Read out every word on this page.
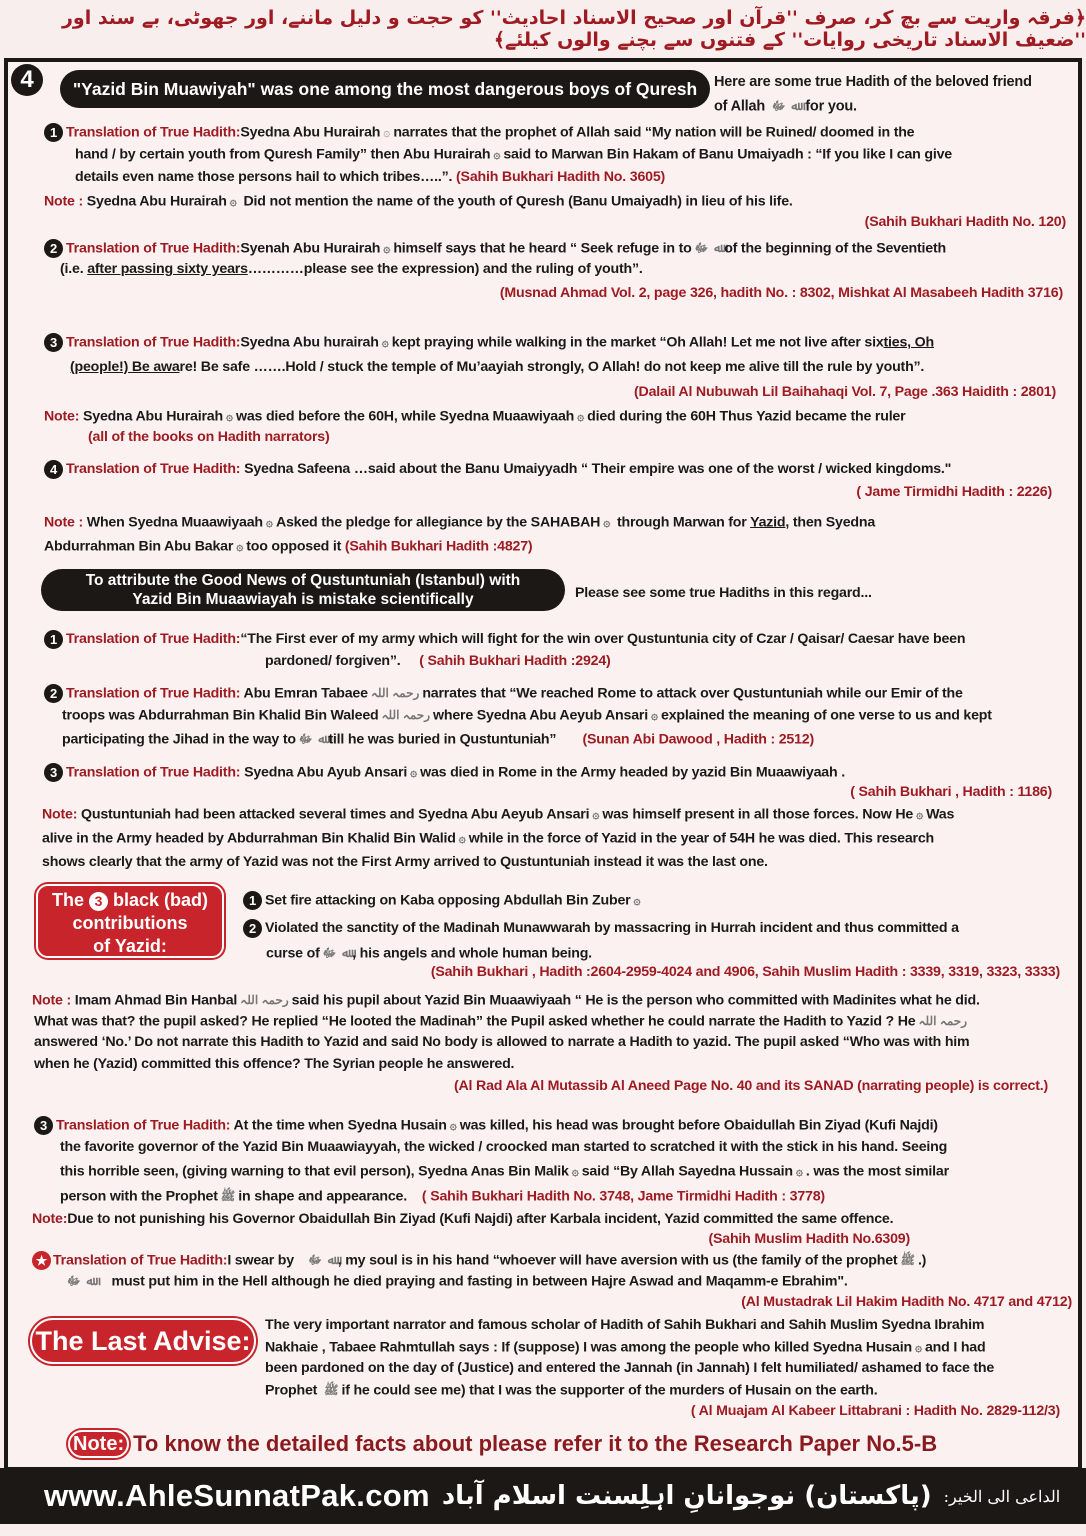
﴿فرقہ واریت سے بچ کر، صرف ''قرآن اور صحیح الاسناد احادیث'' کو حجت و دلیل ماننے، اور جھوٹی، بے سند اور ''ضعیف الاسناد تاریخی روایات'' کے فتنوں سے بچنے والوں کیلئے﴾
4	"Yazid Bin Muawiyah" was one among the most dangerous boys of Quresh	Here are some true Hadith of the beloved friend
of Allah ﷻ ﷲ for you.
1 Translation of True Hadith:Syedna Abu Hurairah ۞ narrates that the prophet of Allah said “My nation will be Ruined/ doomed in the
hand / by certain youth from Quresh Family” then Abu Hurairah ۞ said to Marwan Bin Hakam of Banu Umaiyadh : “If you like I can give
details even name those persons hail to which tribes…..”. (Sahih Bukhari Hadith No. 3605)
Note : Syedna Abu Hurairah ۞ Did not mention the name of the youth of Quresh (Banu Umaiyadh) in lieu of his life.
(Sahih Bukhari Hadith No. 120)
2 Translation of True Hadith:Syenah Abu Hurairah ۞ himself says that he heard “ Seek refuge in to ﷻ ﷲ of the beginning of the Seventieth
(i.e. after passing sixty years…………please see the expression) and the ruling of youth”.
(Musnad Ahmad Vol. 2, page 326, hadith No. : 8302, Mishkat Al Masabeeh Hadith 3716)
3 Translation of True Hadith:Syedna Abu hurairah ۞ kept praying while walking in the market “Oh Allah! Let me not live after sixties, Oh
(people!) Be aware! Be safe …….Hold / stuck the temple of Mu’aayiah strongly, O Allah! do not keep me alive till the rule by youth”.
(Dalail Al Nubuwah Lil Baihahaqi Vol. 7, Page .363 Haidith : 2801)
Note: Syedna Abu Hurairah ۞ was died before the 60H, while Syedna Muaawiyaah ۞ died during the 60H Thus Yazid became the ruler
(all of the books on Hadith narrators)
4 Translation of True Hadith: Syedna Safeena …said about the Banu Umaiyyadh “ Their empire was one of the worst / wicked kingdoms."
( Jame Tirmidhi Hadith : 2226)
Note : When Syedna Muaawiyaah ۞ Asked the pledge for allegiance by the SAHABAH ۞ through Marwan for Yazid, then Syedna
Abdurrahman Bin Abu Bakar ۞ too opposed it (Sahih Bukhari Hadith :4827)
To attribute the Good News of Qustuntuniah (Istanbul) with
Yazid Bin Muaawiayah is mistake scientifically	Please see some true Hadiths in this regard...
1 Translation of True Hadith:“The First ever of my army which will fight for the win over Qustuntunia city of Czar / Qaisar/ Caesar have been
pardoned/ forgiven”. ( Sahih Bukhari Hadith :2924)
2 Translation of True Hadith: Abu Emran Tabaee رحمہ اللہ narrates that “We reached Rome to attack over Qustuntuniah while our Emir of the
troops was Abdurrahman Bin Khalid Bin Waleed رحمہ اللہ where Syedna Abu Aeyub Ansari ۞ explained the meaning of one verse to us and kept
participating the Jihad in the way to ﷻ ﷲ till he was buried in Qustuntuniah” (Sunan Abi Dawood , Hadith : 2512)
3 Translation of True Hadith: Syedna Abu Ayub Ansari ۞ was died in Rome in the Army headed by yazid Bin Muaawiyaah .
( Sahih Bukhari , Hadith : 1186)
Note: Qustuntuniah had been attacked several times and Syedna Abu Aeyub Ansari ۞ was himself present in all those forces. Now He ۞ Was
alive in the Army headed by Abdurrahman Bin Khalid Bin Walid ۞ while in the force of Yazid in the year of 54H he was died. This research
shows clearly that the army of Yazid was not the First Army arrived to Qustuntuniah instead it was the last one.
The 3 black (bad)
contributions
of Yazid:
1 Set fire attacking on Kaba opposing Abdullah Bin Zuber ۞
2 Violated the sanctity of the Madinah Munawwarah by massacring in Hurrah incident and thus committed a
curse of ﷻ ﷲ , his angels and whole human being.
(Sahih Bukhari , Hadith :2604-2959-4024 and 4906, Sahih Muslim Hadith : 3339, 3319, 3323, 3333)
Note : Imam Ahmad Bin Hanbal رحمہ اللہ said his pupil about Yazid Bin Muaawiyaah “ He is the person who committed with Madinites what he did.
What was that? the pupil asked? He replied “He looted the Madinah” the Pupil asked whether he could narrate the Hadith to Yazid ? He رحمہ اللہ
answered ‘No.’ Do not narrate this Hadith to Yazid and said No body is allowed to narrate a Hadith to yazid. The pupil asked “Who was with him
when he (Yazid) committed this offence? The Syrian people he answered.
(Al Rad Ala Al Mutassib Al Aneed Page No. 40 and its SANAD (narrating people) is correct.)
3 Translation of True Hadith: At the time when Syedna Husain ۞ was killed, his head was brought before Obaidullah Bin Ziyad (Kufi Najdi)
the favorite governor of the Yazid Bin Muaawiayyah, the wicked / croocked man started to scratched it with the stick in his hand. Seeing
this horrible seen, (giving warning to that evil person), Syedna Anas Bin Malik ۞ said “By Allah Sayedna Hussain ۞ . was the most similar
person with the Prophet ﷺ in shape and appearance. ( Sahih Bukhari Hadith No. 3748, Jame Tirmidhi Hadith : 3778)
Note:Due to not punishing his Governor Obaidullah Bin Ziyad (Kufi Najdi) after Karbala incident, Yazid committed the same offence.
(Sahih Muslim Hadith No.6309)
★ Translation of True Hadith:I swear by ﷻ ﷲ , my soul is in his hand “whoever will have aversion with us (the family of the prophet ﷺ .)
ﷻ ﷲ must put him in the Hell although he died praying and fasting in between Hajre Aswad and Maqamm-e Ebrahim".
(Al Mustadrak Lil Hakim Hadith No. 4717 and 4712)
The Last Advise:
The very important narrator and famous scholar of Hadith of Sahih Bukhari and Sahih Muslim Syedna Ibrahim
Nakhaie , Tabaee Rahmtullah says : If (suppose) I was among the people who killed Syedna Husain ۞ and I had
been pardoned on the day of (Justice) and entered the Jannah (in Jannah) I felt humiliated/ ashamed to face the
Prophet ﷺ if he could see me) that I was the supporter of the murders of Husain on the earth.
( Al Muajam Al Kabeer Littabrani : Hadith No. 2829-112/3)
Note: To know the detailed facts about please refer it to the Research Paper No.5-B
www.AhleSunnatPak.com (پاکستان) نوجوانانِ اہلِسنت اسلام آباد الداعی الی الخیر:
